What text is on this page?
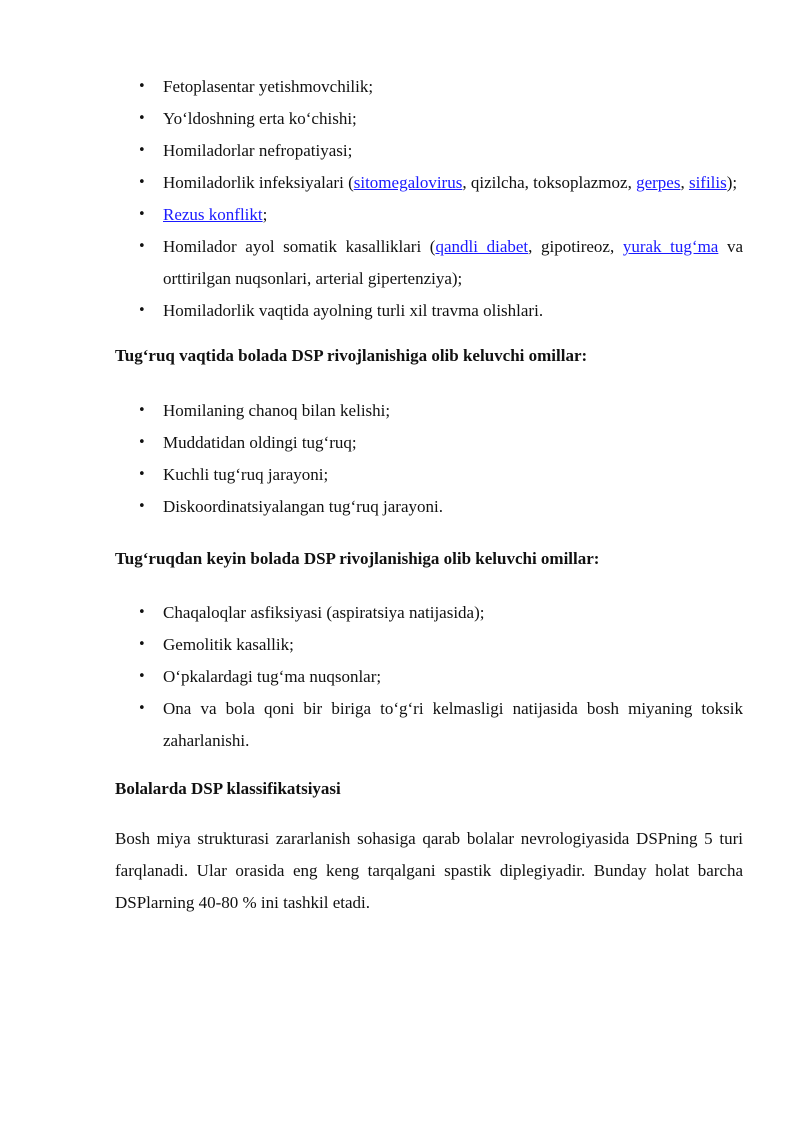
• Fetoplasentar yetishmovchilik;
• Yo‘ldoshning erta ko‘chishi;
• Homiladorlar nefropatiyasi;
• Homiladorlik infeksiyalari (sitomegalovirus, qizilcha, toksoplazmoz, gerpes, sifilis);
• Rezus konflikt;
• Homilador ayol somatik kasalliklari (qandli diabet, gipotireoz, yurak tug‘ma va orttirilgan nuqsonlari, arterial gipertenziya);
• Homiladorlik vaqtida ayolning turli xil travma olishlari.
Tug‘ruq vaqtida bolada DSP rivojlanishiga olib keluvchi omillar:
• Homilaning chanoq bilan kelishi;
• Muddatidan oldingi tug‘ruq;
• Kuchli tug‘ruq jarayoni;
• Diskoordinatsiyalangan tug‘ruq jarayoni.
Tug‘ruqdan keyin bolada DSP rivojlanishiga olib keluvchi omillar:
• Chaqaloqlar asfiksiyasi (aspiratsiya natijasida);
• Gemolitik kasallik;
• O‘pkalardagi tug‘ma nuqsonlar;
• Ona va bola qoni bir biriga to‘g‘ri kelmasligi natijasida bosh miyaning toksik zaharlanishi.
Bolalarda DSP klassifikatsiyasi

Bosh miya strukturasi zararlanish sohasiga qarab bolalar nevrologiyasida DSPning 5 turi farqlanadi. Ular orasida eng keng tarqalgani spastik diplegiyadir. Bunday holat barcha DSPlarning 40-80 % ini tashkil etadi.
